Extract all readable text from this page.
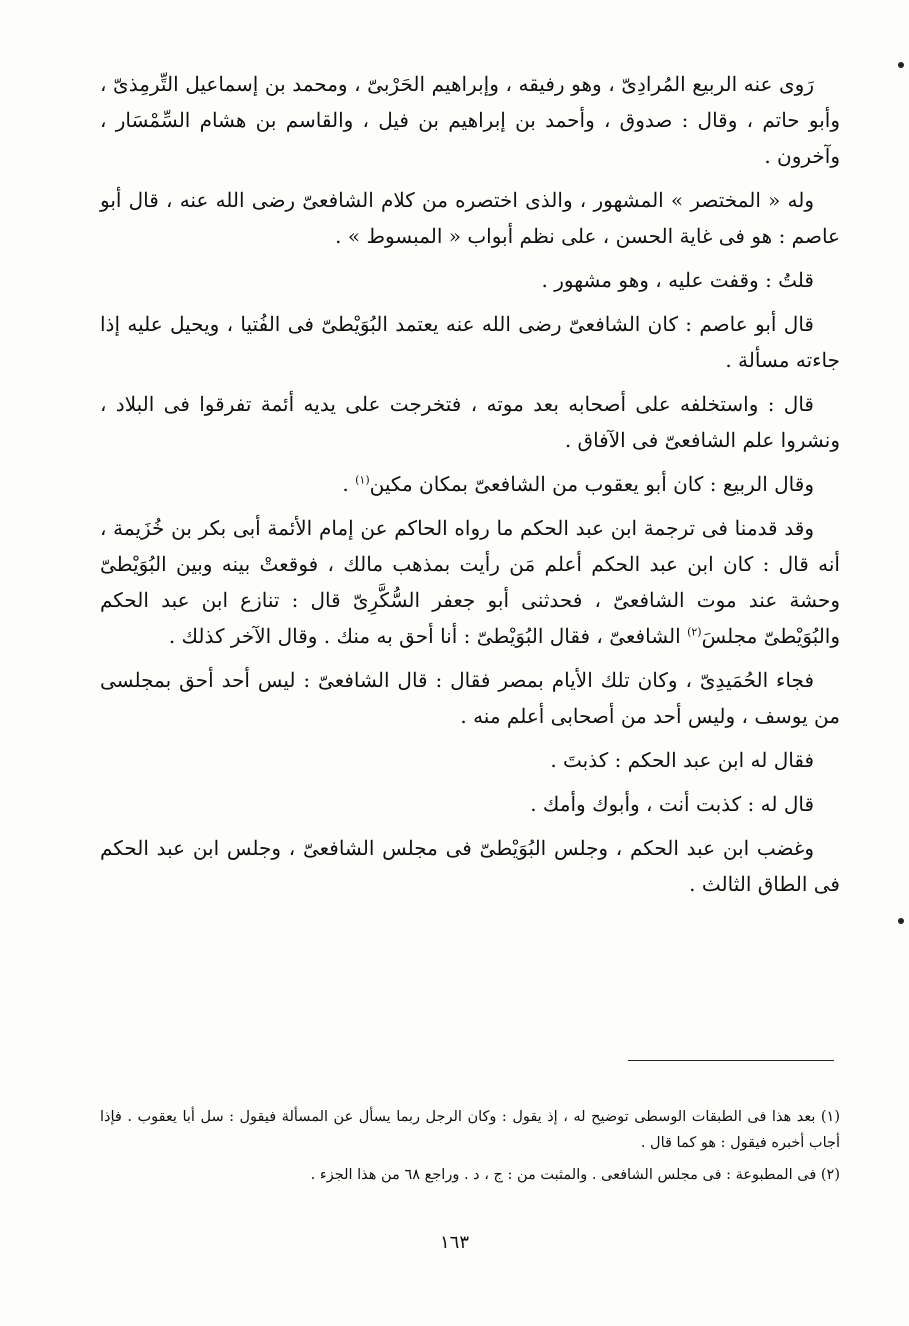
رَوى عنه الربيع المُرادِىّ ، وهو رفيقه ، وإبراهيم الحَرْبىّ ، ومحمد بن إسماعيل التِّرمِذىّ ، وأبو حاتم ، وقال : صدوق ، وأحمد بن إبراهيم بن فيل ، والقاسم بن هشام السِّمْسَار ، وآخرون .

وله « المختصر » المشهور ، والذى اختصره من كلام الشافعىّ رضى الله عنه ، قال أبو عاصم : هو فى غاية الحسن ، على نظم أبواب « المبسوط » .

قلتُ : وقفت عليه ، وهو مشهور .

قال أبو عاصم : كان الشافعىّ رضى الله عنه يعتمد البُوَيْطىّ فى الفُتيا ، ويحيل عليه إذا جاءته مسألة .

قال : واستخلفه على أصحابه بعد موته ، فتخرجت على يديه أئمة تفرقوا فى البلاد ، ونشروا علم الشافعىّ فى الآفاق .

وقال الربيع : كان أبو يعقوب من الشافعىّ بمكان مكين$^{(١)}$ .

وقد قدمنا فى ترجمة ابن عبد الحكم ما رواه الحاكم عن إمام الأئمة أبى بكر بن خُزَيمة ، أنه قال : كان ابن عبد الحكم أعلم مَن رأيت بمذهب مالك ، فوقعتْ بينه وبين البُوَيْطىّ وحشة عند موت الشافعىّ ، فحدثنى أبو جعفر السُّكَّرِىّ قال : تنازع ابن عبد الحكم والبُوَيْطىّ مجلسَ$^{(٢)}$ الشافعىّ ، فقال البُوَيْطىّ : أنا أحق به منك . وقال الآخر كذلك .

فجاء الحُمَيدِىّ ، وكان تلك الأيام بمصر فقال : قال الشافعىّ : ليس أحد أحق بمجلسى من يوسف ، وليس أحد من أصحابى أعلم منه .

فقال له ابن عبد الحكم : كذبتَ .

قال له : كذبت أنت ، وأبوك وأمك .

وغضب ابن عبد الحكم ، وجلس البُوَيْطىّ فى مجلس الشافعىّ ، وجلس ابن عبد الحكم فى الطاق الثالث .

(١) بعد هذا فى الطبقات الوسطى توضيح له ، إذ يقول : وكان الرجل ربما يسأل عن المسألة فيقول : سل أبا يعقوب . فإذا أجاب أخبره فيقول : هو كما قال .

(٢) فى المطبوعة : فى مجلس الشافعى . والمثبت من : ج ، د . وراجع ٦٨ من هذا الجزء .

١٦٣
